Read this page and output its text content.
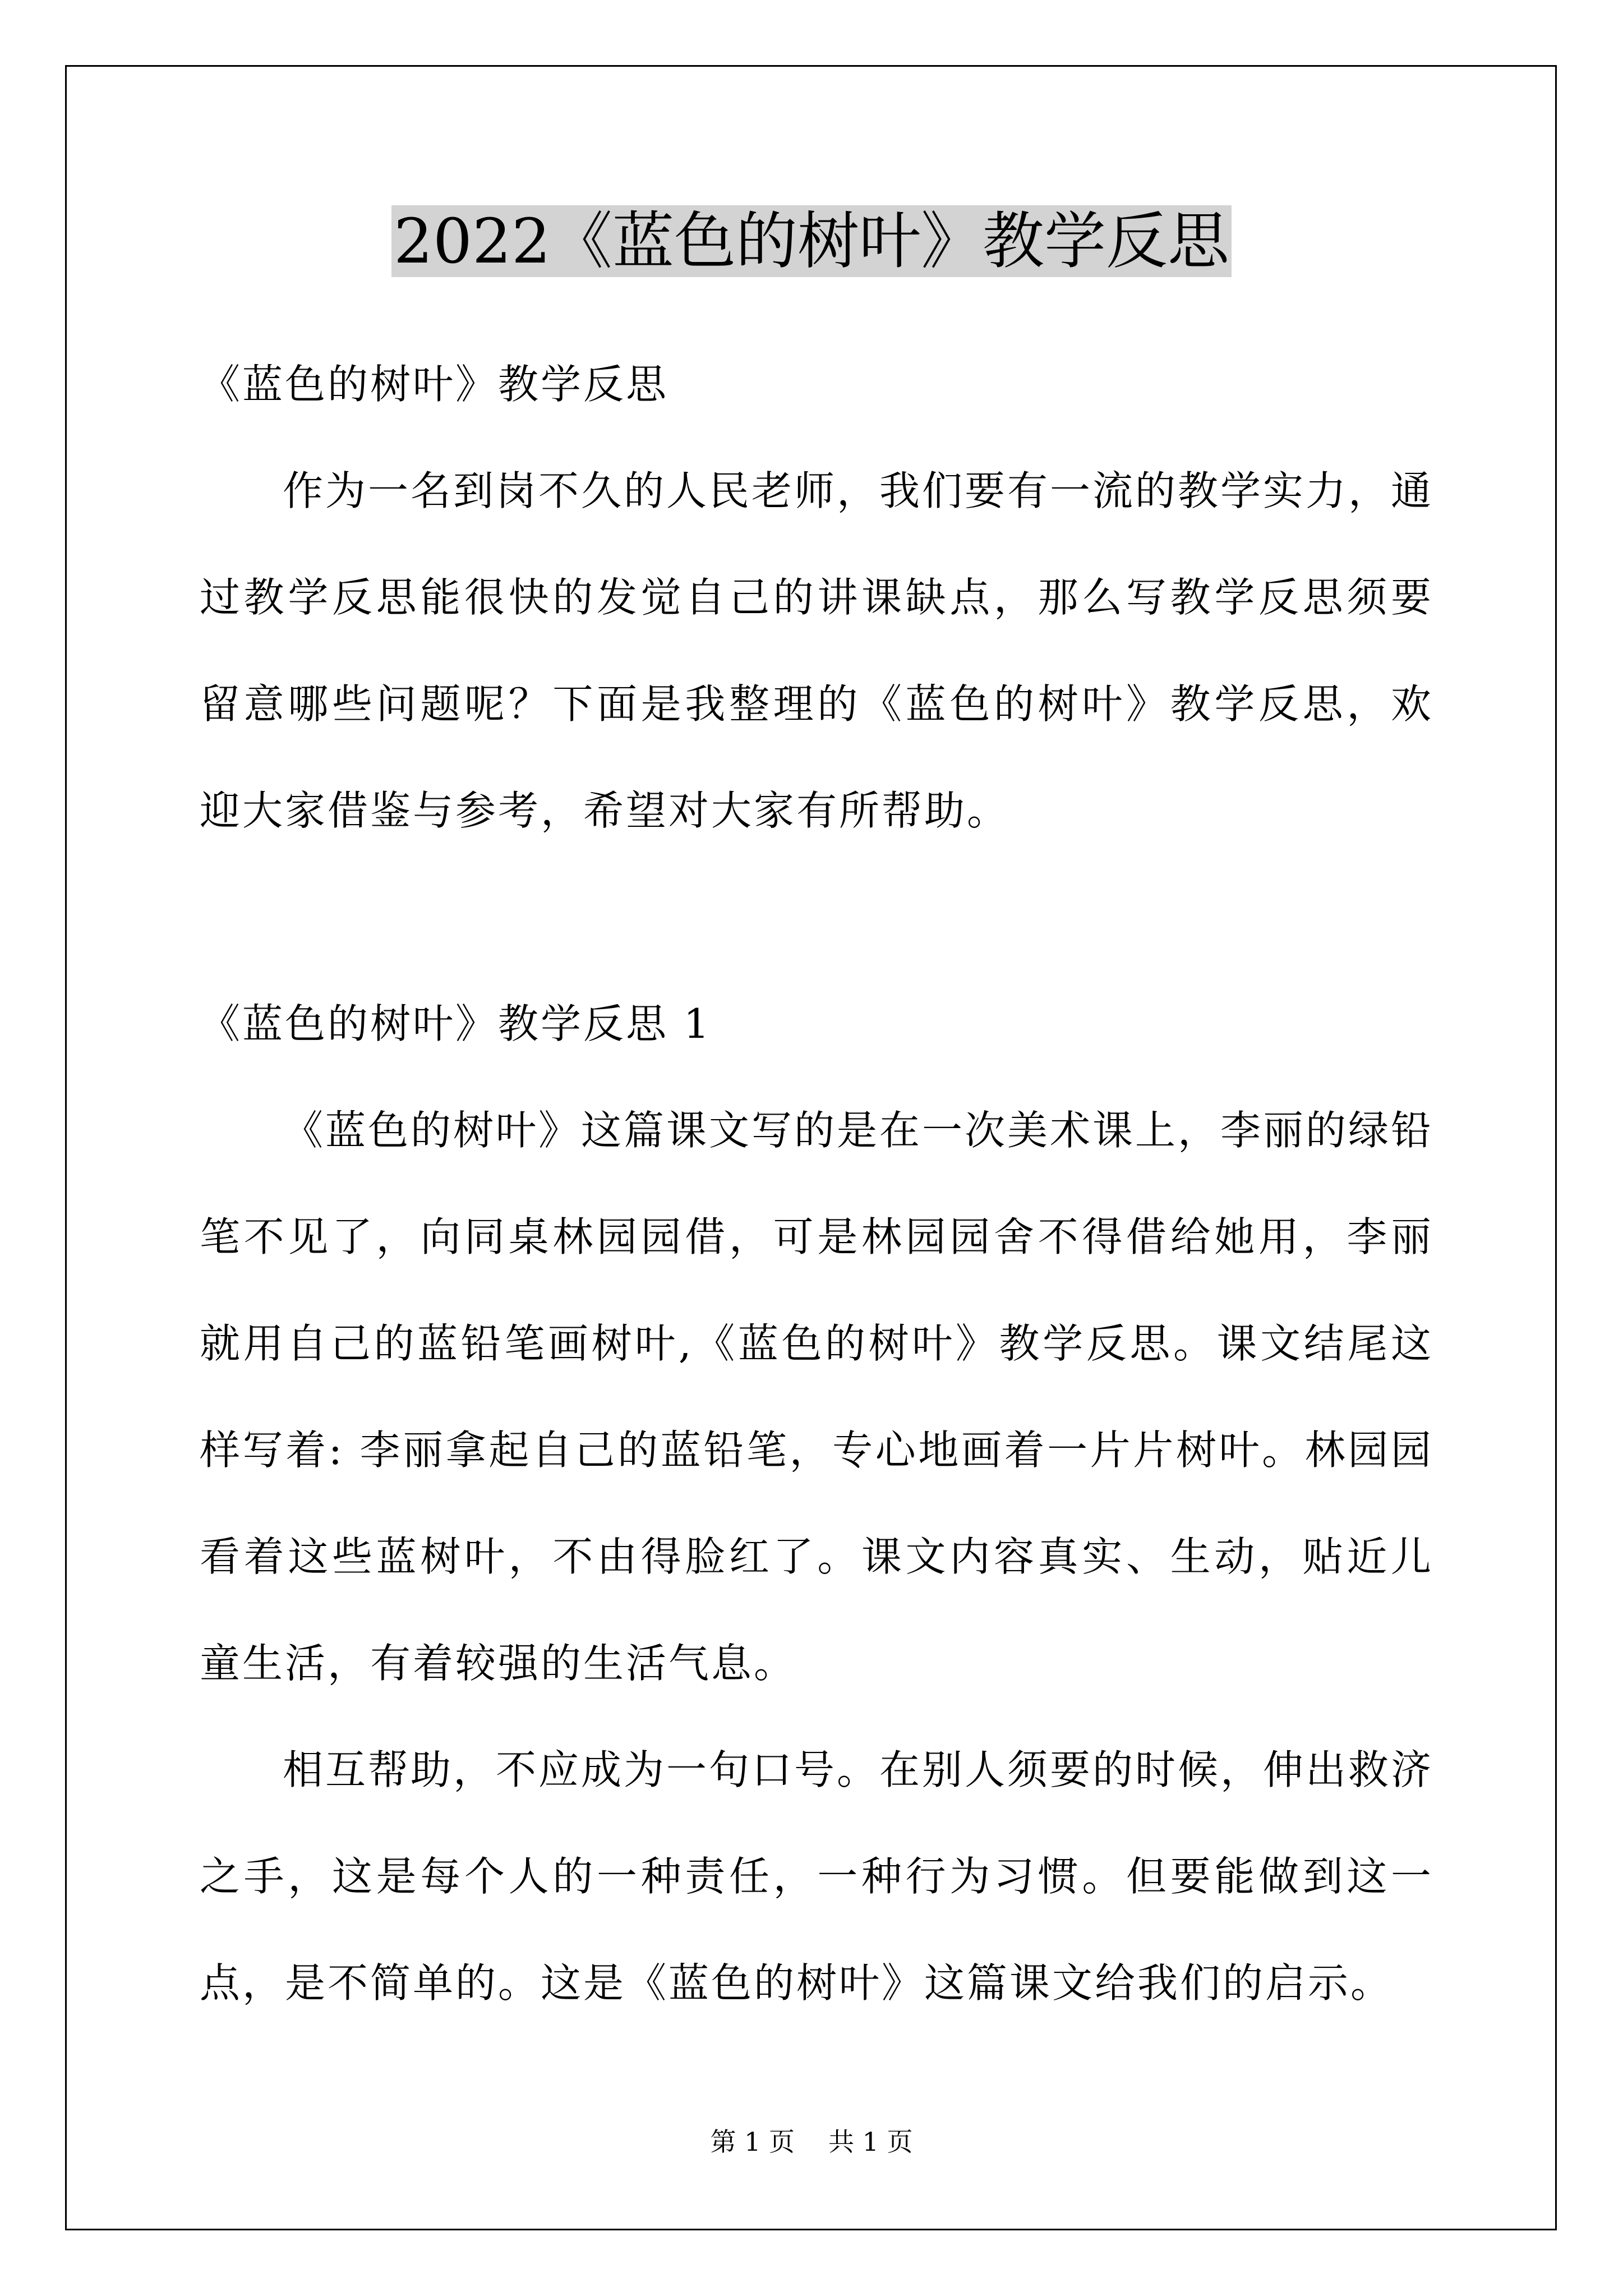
2022《蓝色的树叶》教学反思

《蓝色的树叶》教学反思

作为一名到岗不久的人民老师，我们要有一流的教学实力，通过教学反思能很快的发觉自己的讲课缺点，那么写教学反思须要留意哪些问题呢？下面是我整理的《蓝色的树叶》教学反思，欢迎大家借鉴与参考，希望对大家有所帮助。

《蓝色的树叶》教学反思 1

《蓝色的树叶》这篇课文写的是在一次美术课上，李丽的绿铅笔不见了，向同桌林园园借，可是林园园舍不得借给她用，李丽就用自己的蓝铅笔画树叶,《蓝色的树叶》教学反思。课文结尾这样写着: 李丽拿起自己的蓝铅笔，专心地画着一片片树叶。林园园看着这些蓝树叶，不由得脸红了。课文内容真实、生动，贴近儿童生活，有着较强的生活气息。

相互帮助，不应成为一句口号。在别人须要的时候，伸出救济之手，这是每个人的一种责任，一种行为习惯。但要能做到这一点，是不简单的。这是《蓝色的树叶》这篇课文给我们的启示。

第 1 页 共 1 页
